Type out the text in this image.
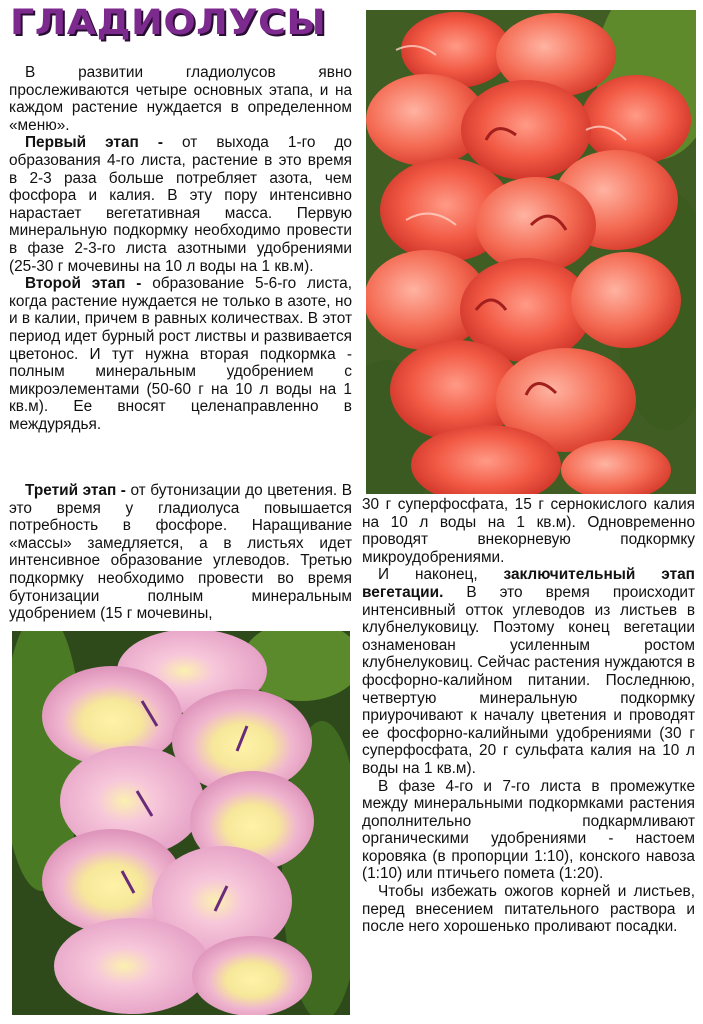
ГЛАДИОЛУСЫ

В развитии гладиолусов явно прослеживаются четыре основных этапа, и на каждом растение нуждается в определенном «меню».

Первый этап - от выхода 1-го до образования 4-го листа, растение в это время в 2-3 раза больше потребляет азота, чем фосфора и калия. В эту пору интенсивно нарастает вегетативная масса. Первую минеральную подкормку необходимо провести в фазе 2-3-го листа азотными удобрениями (25-30 г мочевины на 10 л воды на 1 кв.м).

Второй этап - образование 5-6-го листа, когда растение нуждается не только в азоте, но и в калии, причем в равных количествах. В этот период идет бурный рост листвы и развивается цветонос. И тут нужна вторая подкормка - полным минеральным удобрением с микроэлементами (50-60 г на 10 л воды на 1 кв.м). Ее вносят целенаправленно в междурядья.

Третий этап - от бутонизации до цветения. В это время у гладиолуса повышается потребность в фосфоре. Наращивание «массы» замедляется, а в листьях идет интенсивное образование углеводов. Третью подкормку необходимо провести во время бутонизации полным минеральным удобрением (15 г мочевины,

30 г суперфосфата, 15 г сернокислого калия на 10 л воды на 1 кв.м). Одновременно проводят внекорневую подкормку микроудобрениями.

И наконец, заключительный этап вегетации. В это время происходит интенсивный отток углеводов из листьев в клубнелуковицу. Поэтому конец вегетации ознаменован усиленным ростом клубнелуковиц. Сейчас растения нуждаются в фосфорно-калийном питании. Последнюю, четвертую минеральную подкормку приурочивают к началу цветения и проводят ее фосфорно-калийными удобрениями (30 г суперфосфата, 20 г сульфата калия на 10 л воды на 1 кв.м).

В фазе 4-го и 7-го листа в промежутке между минеральными подкормками растения дополнительно подкармливают органическими удобрениями - настоем коровяка (в пропорции 1:10), конского навоза (1:10) или птичьего помета (1:20).

Чтобы избежать ожогов корней и листьев, перед внесением питательного раствора и после него хорошенько проливают посадки.
